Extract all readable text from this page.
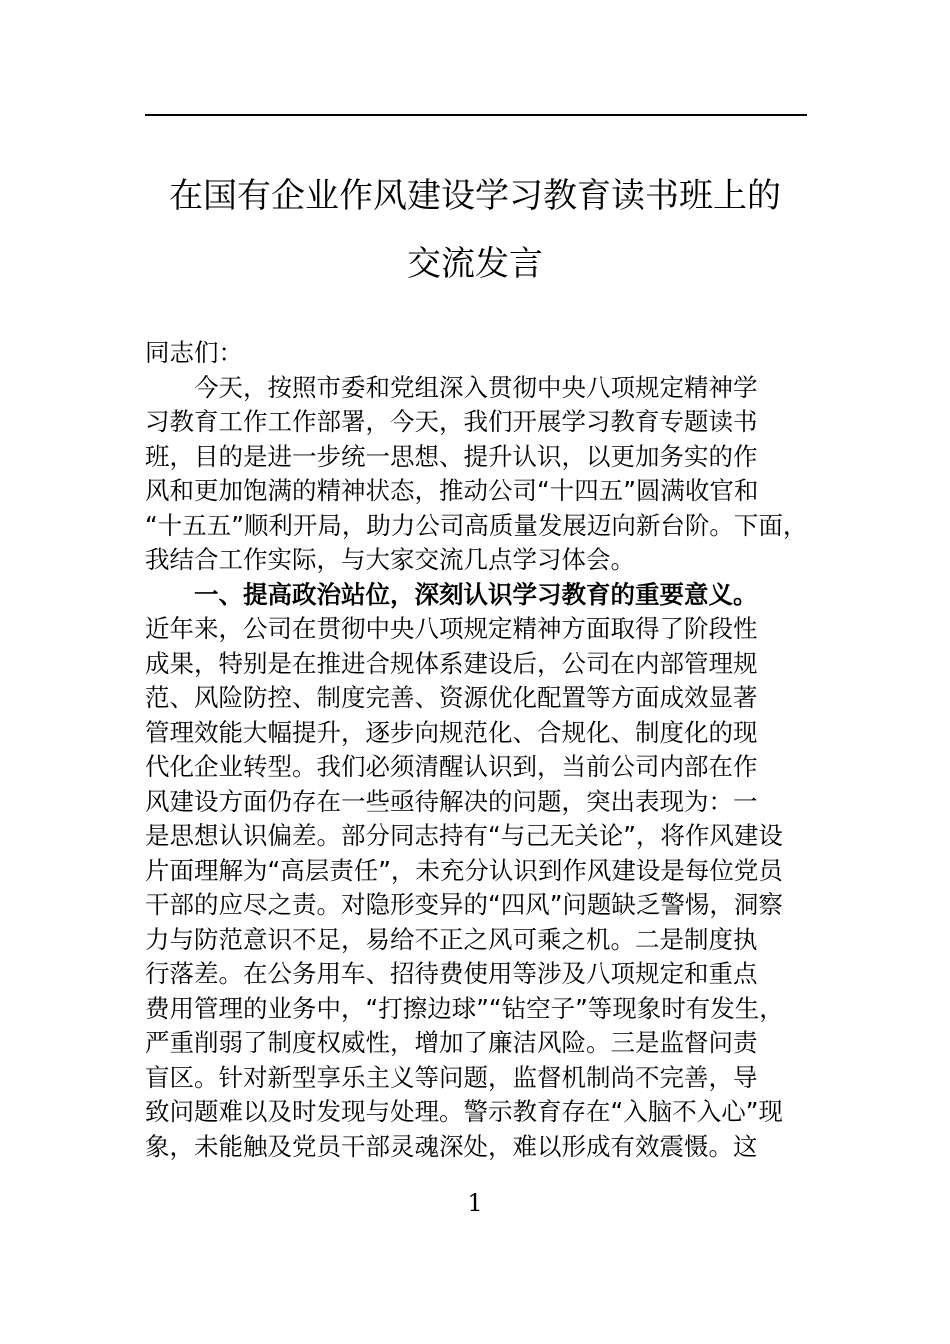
在国有企业作风建设学习教育读书班上的
交流发言
同志们：
今天，按照市委和党组深入贯彻中央八项规定精神学
习教育工作工作部署，今天，我们开展学习教育专题读书
班，目的是进一步统一思想、提升认识，以更加务实的作
风和更加饱满的精神状态，推动公司“十四五”圆满收官和
“十五五”顺利开局，助力公司高质量发展迈向新台阶。下面，
我结合工作实际，与大家交流几点学习体会。
一、提高政治站位，深刻认识学习教育的重要意义。
近年来，公司在贯彻中央八项规定精神方面取得了阶段性
成果，特别是在推进合规体系建设后，公司在内部管理规
范、风险防控、制度完善、资源优化配置等方面成效显著
管理效能大幅提升，逐步向规范化、合规化、制度化的现
代化企业转型。我们必须清醒认识到，当前公司内部在作
风建设方面仍存在一些亟待解决的问题，突出表现为：一
是思想认识偏差。部分同志持有“与己无关论”，将作风建设
片面理解为“高层责任”，未充分认识到作风建设是每位党员
干部的应尽之责。对隐形变异的“四风”问题缺乏警惕，洞察
力与防范意识不足，易给不正之风可乘之机。二是制度执
行落差。在公务用车、招待费使用等涉及八项规定和重点
费用管理的业务中，“打擦边球”“钻空子”等现象时有发生，
严重削弱了制度权威性，增加了廉洁风险。三是监督问责
盲区。针对新型享乐主义等问题，监督机制尚不完善，导
致问题难以及时发现与处理。警示教育存在“入脑不入心”现
象，未能触及党员干部灵魂深处，难以形成有效震慑。这
1
